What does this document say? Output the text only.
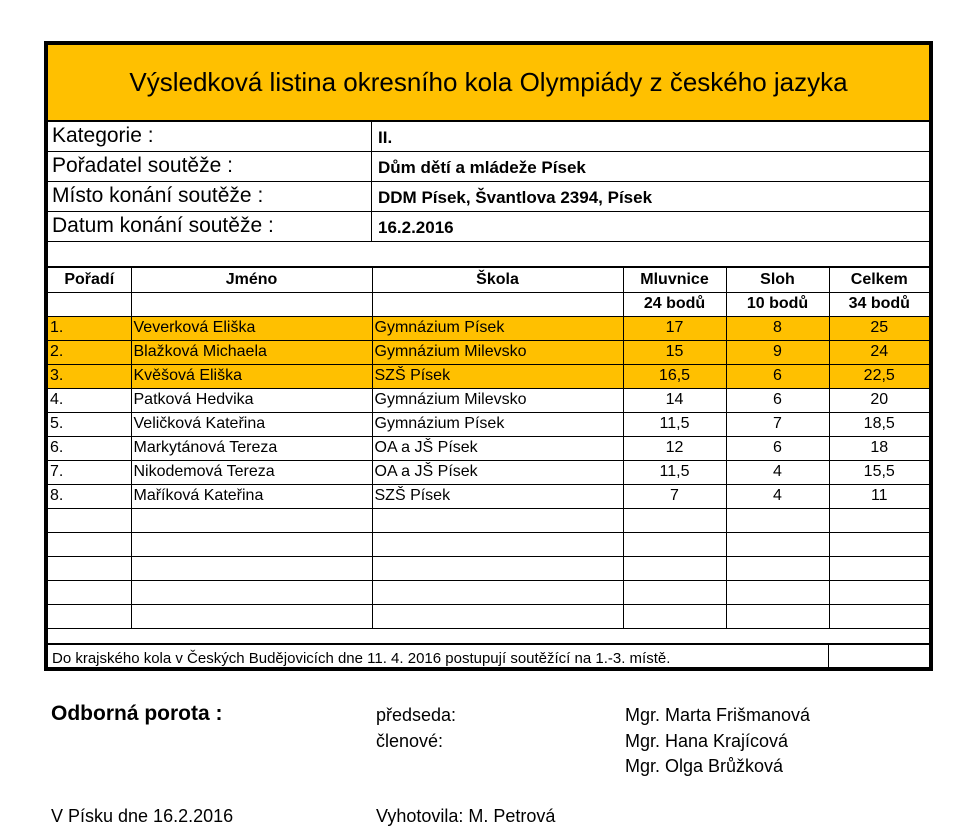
Výsledková listina okresního kola Olympiády z českého jazyka
Kategorie :	II.
Pořadatel soutěže :	Dům dětí a mládeže Písek
Místo konání soutěže :	DDM Písek, Švantlova 2394, Písek
Datum konání soutěže :	16.2.2016
Pořadí	Jméno	Škola	Mluvnice	Sloh	Celkem
			24 bodů	10 bodů	34 bodů
1.	Veverková Eliška	Gymnázium Písek	17	8	25
2.	Blažková Michaela	Gymnázium Milevsko	15	9	24
3.	Kvěšová Eliška	SZŠ Písek	16,5	6	22,5
4.	Patková Hedvika	Gymnázium Milevsko	14	6	20
5.	Veličková Kateřina	Gymnázium Písek	11,5	7	18,5
6.	Markytánová Tereza	OA a JŠ Písek	12	6	18
7.	Nikodemová Tereza	OA a JŠ Písek	11,5	4	15,5
8.	Maříková Kateřina	SZŠ Písek	7	4	11

Do krajského kola v Českých Budějovicích dne 11. 4. 2016 postupují soutěžící na 1.-3. místě.
Odborná porota :	předseda:	Mgr. Marta Frišmanová
členové:	Mgr. Hana Krajícová
Mgr. Olga Brůžková
V Písku dne 16.2.2016	Vyhotovila: M. Petrová
